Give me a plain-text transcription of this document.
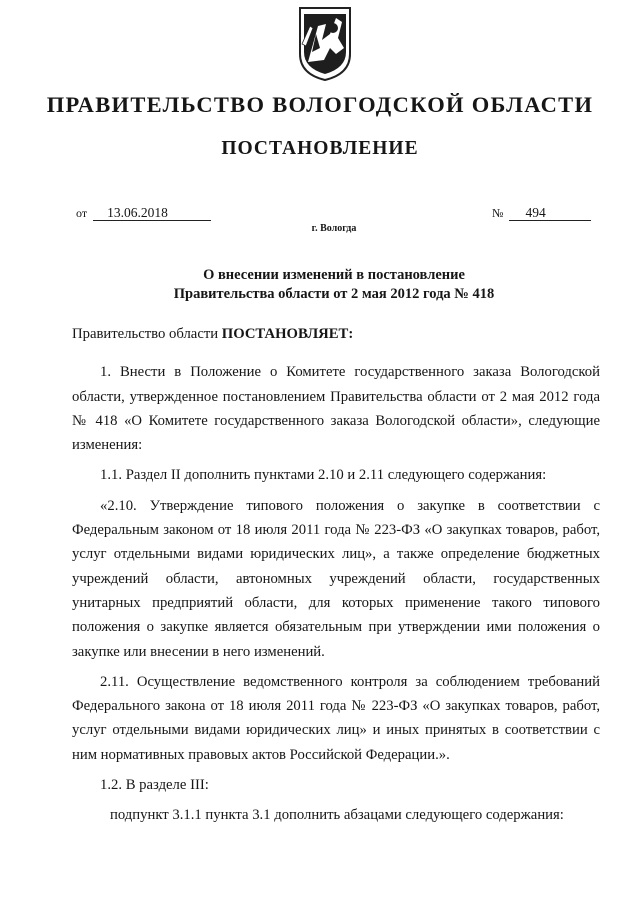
ПРАВИТЕЛЬСТВО ВОЛОГОДСКОЙ ОБЛАСТИ
ПОСТАНОВЛЕНИЕ
от 13.06.2018	№ 494
г. Вологда
О внесении изменений в постановление
Правительства области от 2 мая 2012 года № 418

Правительство области ПОСТАНОВЛЯЕТ:

1. Внести в Положение о Комитете государственного заказа Вологодской области, утвержденное постановлением Правительства области от 2 мая 2012 года № 418 «О Комитете государственного заказа Вологодской области», следующие изменения:

1.1. Раздел II дополнить пунктами 2.10 и 2.11 следующего содержания:

«2.10. Утверждение типового положения о закупке в соответствии с Федеральным законом от 18 июля 2011 года № 223-ФЗ «О закупках товаров, работ, услуг отдельными видами юридических лиц», а также определение бюджетных учреждений области, автономных учреждений области, государственных унитарных предприятий области, для которых применение такого типового положения о закупке является обязательным при утверждении ими положения о закупке или внесении в него изменений.

2.11. Осуществление ведомственного контроля за соблюдением требований Федерального закона от 18 июля 2011 года № 223-ФЗ «О закупках товаров, работ, услуг отдельными видами юридических лиц» и иных принятых в соответствии с ним нормативных правовых актов Российской Федерации.».

1.2. В разделе III:

подпункт 3.1.1 пункта 3.1 дополнить абзацами следующего содержания:
